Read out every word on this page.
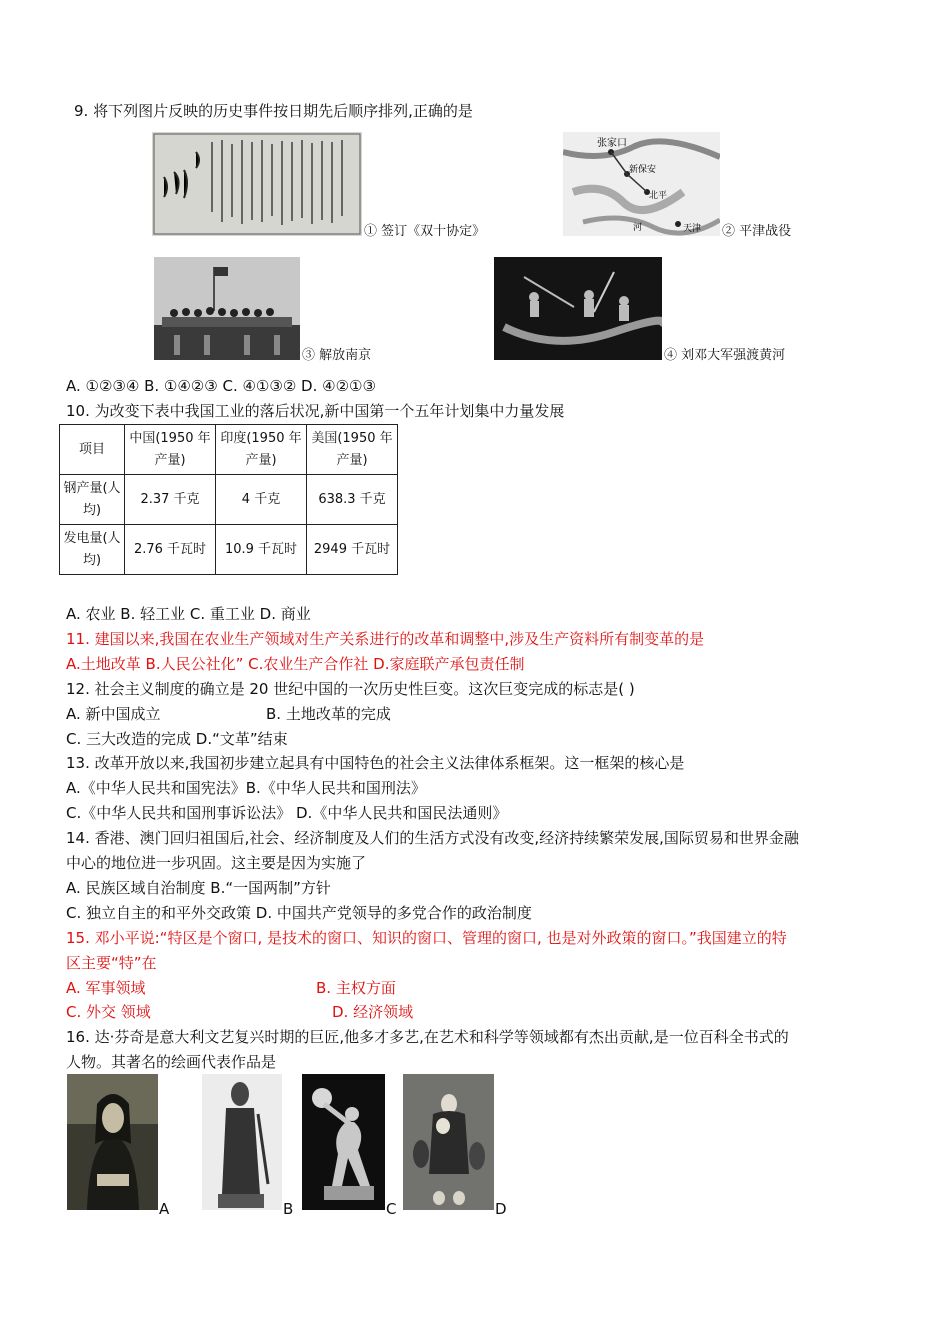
9. 将下列图片反映的历史事件按日期先后顺序排列,正确的是
① 签订《双十协定》
张家口
新保安
北平
天津
河	② 平津战役
③ 解放南京	④ 刘邓大军强渡黄河
A. ①②③④ B. ①④②③ C. ④①③② D. ④②①③
10. 为改变下表中我国工业的落后状况,新中国第一个五年计划集中力量发展
项目	中国(1950 年产量)	印度(1950 年产量)	美国(1950 年产量)
钢产量(人均)	2.37 千克	4 千克	638.3 千克
发电量(人均)	2.76 千瓦时	10.9 千瓦时	2949 千瓦时
A. 农业 B. 轻工业 C. 重工业 D. 商业
11. 建国以来,我国在农业生产领域对生产关系进行的改革和调整中,涉及生产资料所有制变革的是
A.土地改革 B.人民公社化” C.农业生产合作社 D.家庭联产承包责任制
12. 社会主义制度的确立是 20 世纪中国的一次历史性巨变。这次巨变完成的标志是( )
A. 新中国成立	B. 土地改革的完成
C. 三大改造的完成 D.“文革”结束
13. 改革开放以来,我国初步建立起具有中国特色的社会主义法律体系框架。这一框架的核心是
A.《中华人民共和国宪法》B.《中华人民共和国刑法》
C.《中华人民共和国刑事诉讼法》 D.《中华人民共和国民法通则》
14. 香港、澳门回归祖国后,社会、经济制度及人们的生活方式没有改变,经济持续繁荣发展,国际贸易和世界金融
中心的地位进一步巩固。这主要是因为实施了
A. 民族区域自治制度 B.“一国两制”方针
C. 独立自主的和平外交政策 D. 中国共产党领导的多党合作的政治制度
15. 邓小平说:“特区是个窗口, 是技术的窗口、知识的窗口、管理的窗口, 也是对外政策的窗口。”我国建立的特
区主要“特”在
A. 军事领域	B. 主权方面
C. 外交 领域	D. 经济领域
16. 达·芬奇是意大利文艺复兴时期的巨匠,他多才多艺,在艺术和科学等领域都有杰出贡献,是一位百科全书式的
人物。其著名的绘画代表作品是
A	B	C	D
